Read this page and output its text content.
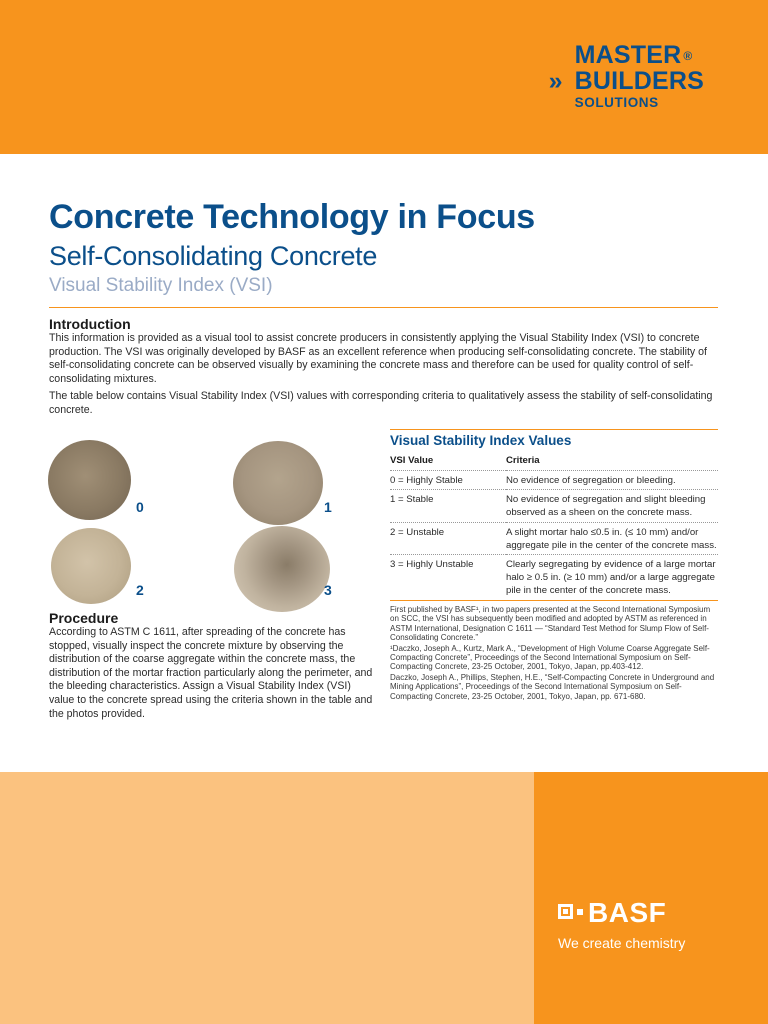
MASTER ®
» BUILDERS
SOLUTIONS
Concrete Technology in Focus
Self-Consolidating Concrete
Visual Stability Index (VSI)
Introduction

This information is provided as a visual tool to assist concrete producers in consistently applying the Visual Stability Index (VSI) to concrete production. The VSI was originally developed by BASF as an excellent reference when producing self-consolidating concrete. The stability of self-consolidating concrete can be observed visually by examining the concrete mass and therefore can be used for quality control of self-consolidating mixtures.

The table below contains Visual Stability Index (VSI) values with corresponding criteria to qualitatively assess the stability of self-consolidating concrete.

0	1
2	3
Procedure

According to ASTM C 1611, after spreading of the concrete has stopped, visually inspect the concrete mixture by observing the distribution of the coarse aggregate within the concrete mass, the distribution of the mortar fraction particularly along the perimeter, and the bleeding characteristics. Assign a Visual Stability Index (VSI) value to the concrete spread using the criteria shown in the table and the photos provided.

Visual Stability Index Values
VSI Value	Criteria
0 = Highly Stable	No evidence of segregation or bleeding.
1 = Stable	No evidence of segregation and slight bleeding observed as a sheen on the concrete mass.
2 = Unstable	A slight mortar halo ≤0.5 in. (≤ 10 mm) and/or aggregate pile in the center of the concrete mass.
3 = Highly Unstable	Clearly segregating by evidence of a large mortar halo ≥ 0.5 in. (≥ 10 mm) and/or a large aggregate pile in the center of the concrete mass.

First published by BASF¹, in two papers presented at the Second International Symposium on SCC, the VSI has subsequently been modified and adopted by ASTM as referenced in ASTM International, Designation C 1611 — “Standard Test Method for Slump Flow of Self-Consolidating Concrete.”

¹Daczko, Joseph A., Kurtz, Mark A., “Development of High Volume Coarse Aggregate Self-Compacting Concrete”, Proceedings of the Second International Symposium on Self-Compacting Concrete, 23-25 October, 2001, Tokyo, Japan, pp.403-412.

Daczko, Joseph A., Phillips, Stephen, H.E., “Self-Compacting Concrete in Underground and Mining Applications”, Proceedings of the Second International Symposium on Self-Compacting Concrete, 23-25 October, 2001, Tokyo, Japan, pp. 671-680.

BASF
We create chemistry
